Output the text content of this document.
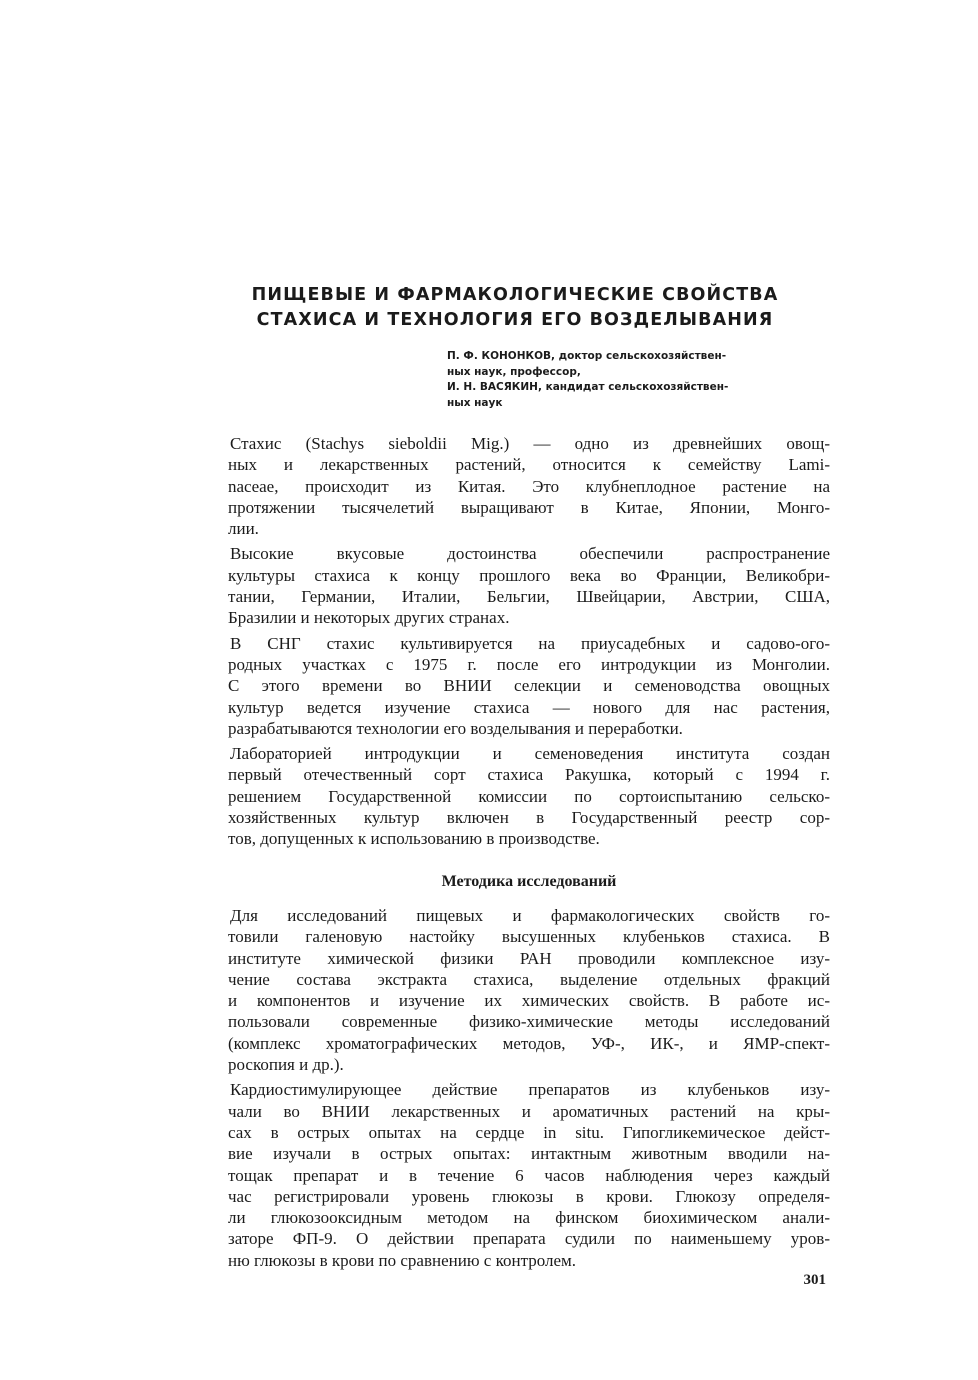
ПИЩЕВЫЕ И ФАРМАКОЛОГИЧЕСКИЕ СВОЙСТВА
СТАХИСА И ТЕХНОЛОГИЯ ЕГО ВОЗДЕЛЫВАНИЯ
П. Ф. КОНОНКОВ, доктор сельскохозяйствен-
ных наук, профессор,
И. Н. ВАСЯКИН, кандидат сельскохозяйствен-
ных наук
Стахис (Stachys sieboldii Mig.) — одно из древнейших овощ-
ных и лекарственных растений, относится к семейству Lami-
naceae, происходит из Китая. Это клубнеплодное растение на
протяжении тысячелетий выращивают в Китае, Японии, Монго-
лии.
Высокие вкусовые достоинства обеспечили распространение
культуры стахиса к концу прошлого века во Франции, Великобри-
тании, Германии, Италии, Бельгии, Швейцарии, Австрии, США,
Бразилии и некоторых других странах.
В СНГ стахис культивируется на приусадебных и садово-ого-
родных участках с 1975 г. после его интродукции из Монголии.
С этого времени во ВНИИ селекции и семеноводства овощных
культур ведется изучение стахиса — нового для нас растения,
разрабатываются технологии его возделывания и переработки.
Лабораторией интродукции и семеноведения института создан
первый отечественный сорт стахиса Ракушка, который с 1994 г.
решением Государственной комиссии по сортоиспытанию сельско-
хозяйственных культур включен в Государственный реестр сор-
тов, допущенных к использованию в производстве.
Методика исследований
Для исследований пищевых и фармакологических свойств го-
товили галеновую настойку высушенных клубеньков стахиса. В
институте химической физики РАН проводили комплексное изу-
чение состава экстракта стахиса, выделение отдельных фракций
и компонентов и изучение их химических свойств. В работе ис-
пользовали современные физико-химические методы исследований
(комплекс хроматографических методов, УФ-, ИК-, и ЯМР-спект-
роскопия и др.).
Кардиостимулирующее действие препаратов из клубеньков изу-
чали во ВНИИ лекарственных и ароматичных растений на кры-
сах в острых опытах на сердце in situ. Гипогликемическое дейст-
вие изучали в острых опытах: интактным животным вводили на-
тощак препарат и в течение 6 часов наблюдения через каждый
час регистрировали уровень глюкозы в крови. Глюкозу определя-
ли глюкозооксидным методом на финском биохимическом анали-
заторе ФП-9. О действии препарата судили по наименьшему уров-
ню глюкозы в крови по сравнению с контролем.
301
